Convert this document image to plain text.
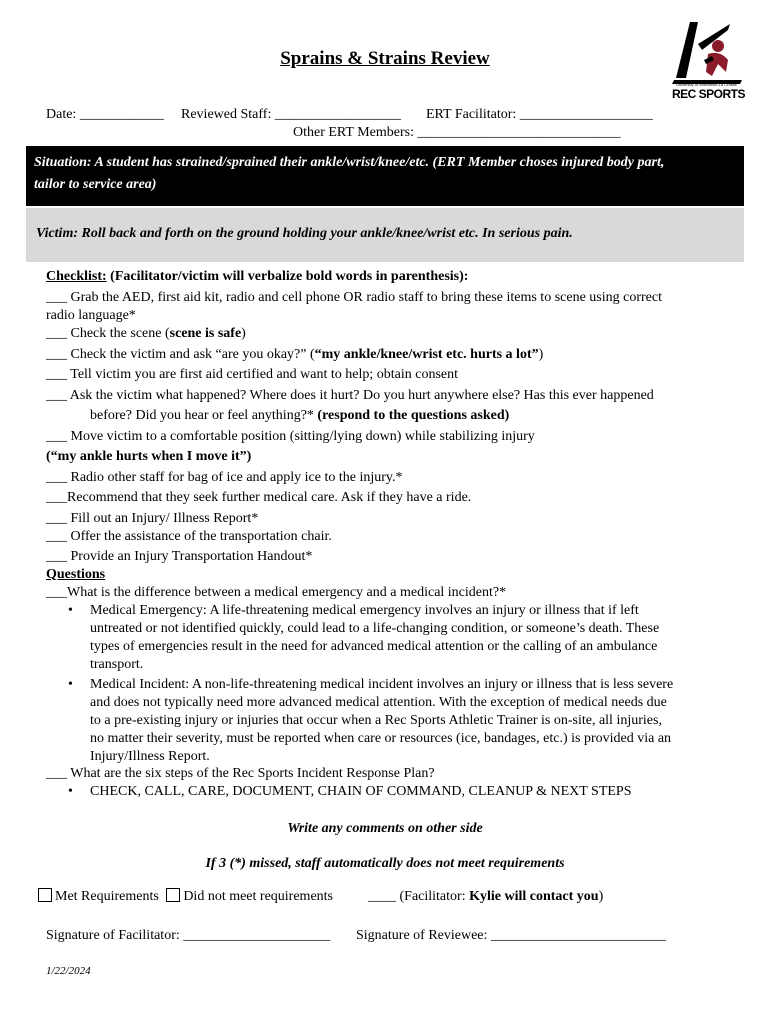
Sprains & Strains Review
University of Wisconsin-La Crosse
REC SPORTS
Date: ____________ Reviewed Staff: __________________ ERT Facilitator: ___________________
Other ERT Members: _____________________________
Situation: A student has strained/sprained their ankle/wrist/knee/etc. (ERT Member choses injured body part,
tailor to service area)
Victim: Roll back and forth on the ground holding your ankle/knee/wrist etc. In serious pain.
Checklist: (Facilitator/victim will verbalize bold words in parenthesis):
___ Grab the AED, first aid kit, radio and cell phone OR radio staff to bring these items to scene using correct
radio language*
___ Check the scene (scene is safe)
___ Check the victim and ask “are you okay?” (“my ankle/knee/wrist etc. hurts a lot”)
___ Tell victim you are first aid certified and want to help; obtain consent
___ Ask the victim what happened? Where does it hurt? Do you hurt anywhere else? Has this ever happened
before? Did you hear or feel anything?* (respond to the questions asked)
___ Move victim to a comfortable position (sitting/lying down) while stabilizing injury
(“my ankle hurts when I move it”)
___ Radio other staff for bag of ice and apply ice to the injury.*
___Recommend that they seek further medical care. Ask if they have a ride.
___ Fill out an Injury/ Illness Report*
___ Offer the assistance of the transportation chair.
___ Provide an Injury Transportation Handout*
Questions
___What is the difference between a medical emergency and a medical incident?*
• Medical Emergency: A life-threatening medical emergency involves an injury or illness that if left
untreated or not identified quickly, could lead to a life-changing condition, or someone’s death. These
types of emergencies result in the need for advanced medical attention or the calling of an ambulance
transport.
• Medical Incident: A non-life-threatening medical incident involves an injury or illness that is less severe
and does not typically need more advanced medical attention. With the exception of medical needs due
to a pre-existing injury or injuries that occur when a Rec Sports Athletic Trainer is on-site, all injuries,
no matter their severity, must be reported when care or resources (ice, bandages, etc.) is provided via an
Injury/Illness Report.
___ What are the six steps of the Rec Sports Incident Response Plan?
• CHECK, CALL, CARE, DOCUMENT, CHAIN OF COMMAND, CLEANUP & NEXT STEPS
Write any comments on other side
If 3 (*) missed, staff automatically does not meet requirements
Met Requirements Did not meet requirements	____ (Facilitator: Kylie will contact you)
Signature of Facilitator: _____________________ Signature of Reviewee: _________________________
1/22/2024
